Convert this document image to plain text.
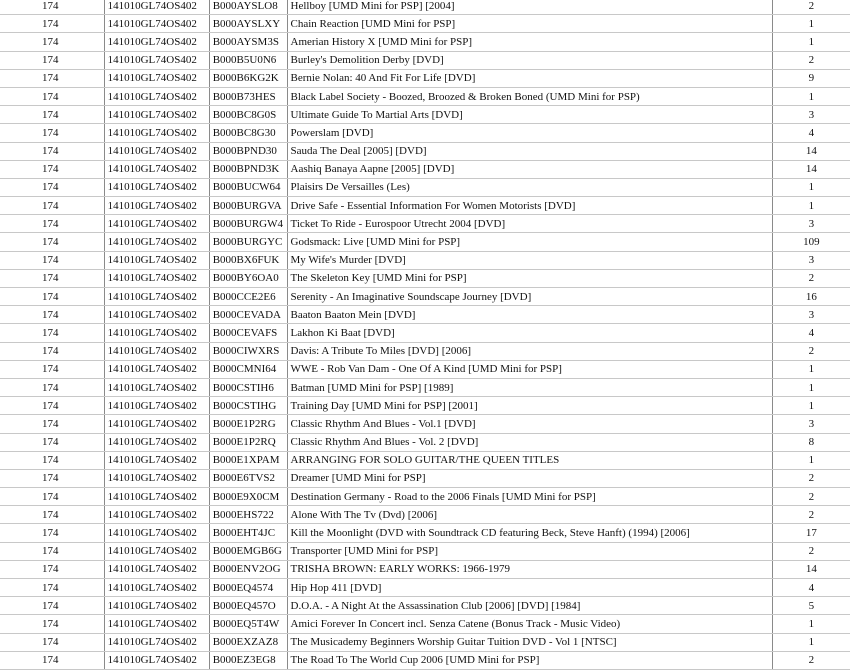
174	141010GL74OS402	B000AYSLO8	Hellboy [UMD Mini for PSP] [2004]	2
174	141010GL74OS402	B000AYSLXY	Chain Reaction [UMD Mini for PSP]	1
174	141010GL74OS402	B000AYSM3S	Amerian History X [UMD Mini for PSP]	1
174	141010GL74OS402	B000B5U0N6	Burley's Demolition Derby [DVD]	2
174	141010GL74OS402	B000B6KG2K	Bernie Nolan: 40 And Fit For Life [DVD]	9
174	141010GL74OS402	B000B73HES	Black Label Society - Boozed, Broozed & Broken Boned (UMD Mini for PSP)	1
174	141010GL74OS402	B000BC8G0S	Ultimate Guide To Martial Arts [DVD]	3
174	141010GL74OS402	B000BC8G30	Powerslam [DVD]	4
174	141010GL74OS402	B000BPND30	Sauda The Deal [2005] [DVD]	14
174	141010GL74OS402	B000BPND3K	Aashiq Banaya Aapne [2005] [DVD]	14
174	141010GL74OS402	B000BUCW64	Plaisirs De Versailles (Les)	1
174	141010GL74OS402	B000BURGVA	Drive Safe - Essential Information For Women Motorists [DVD]	1
174	141010GL74OS402	B000BURGW4	Ticket To Ride - Eurospoor Utrecht 2004 [DVD]	3
174	141010GL74OS402	B000BURGYC	Godsmack: Live [UMD Mini for PSP]	109
174	141010GL74OS402	B000BX6FUK	My Wife's Murder [DVD]	3
174	141010GL74OS402	B000BY6OA0	The Skeleton Key [UMD Mini for PSP]	2
174	141010GL74OS402	B000CCE2E6	Serenity - An Imaginative Soundscape Journey [DVD]	16
174	141010GL74OS402	B000CEVADA	Baaton Baaton Mein [DVD]	3
174	141010GL74OS402	B000CEVAFS	Lakhon Ki Baat [DVD]	4
174	141010GL74OS402	B000CIWXRS	Davis: A Tribute To Miles [DVD] [2006]	2
174	141010GL74OS402	B000CMNI64	WWE - Rob Van Dam - One Of A Kind [UMD Mini for PSP]	1
174	141010GL74OS402	B000CSTIH6	Batman [UMD Mini for PSP] [1989]	1
174	141010GL74OS402	B000CSTIHG	Training Day [UMD Mini for PSP] [2001]	1
174	141010GL74OS402	B000E1P2RG	Classic Rhythm And Blues - Vol.1 [DVD]	3
174	141010GL74OS402	B000E1P2RQ	Classic Rhythm And Blues - Vol. 2 [DVD]	8
174	141010GL74OS402	B000E1XPAM	ARRANGING FOR SOLO GUITAR/THE QUEEN TITLES	1
174	141010GL74OS402	B000E6TVS2	Dreamer [UMD Mini for PSP]	2
174	141010GL74OS402	B000E9X0CM	Destination Germany - Road to the 2006 Finals [UMD Mini for PSP]	2
174	141010GL74OS402	B000EHS722	Alone With The Tv (Dvd) [2006]	2
174	141010GL74OS402	B000EHT4JC	Kill the Moonlight (DVD with Soundtrack CD featuring Beck, Steve Hanft) (1994) [2006]	17
174	141010GL74OS402	B000EMGB6G	Transporter [UMD Mini for PSP]	2
174	141010GL74OS402	B000ENV2OG	TRISHA BROWN: EARLY WORKS: 1966-1979	14
174	141010GL74OS402	B000EQ4574	Hip Hop 411 [DVD]	4
174	141010GL74OS402	B000EQ457O	D.O.A. - A Night At the Assassination Club [2006] [DVD] [1984]	5
174	141010GL74OS402	B000EQ5T4W	Amici Forever In Concert incl. Senza Catene (Bonus Track - Music Video)	1
174	141010GL74OS402	B000EXZAZ8	The Musicademy Beginners Worship Guitar Tuition DVD - Vol 1 [NTSC]	1
174	141010GL74OS402	B000EZ3EG8	The Road To The World Cup 2006 [UMD Mini for PSP]	2
